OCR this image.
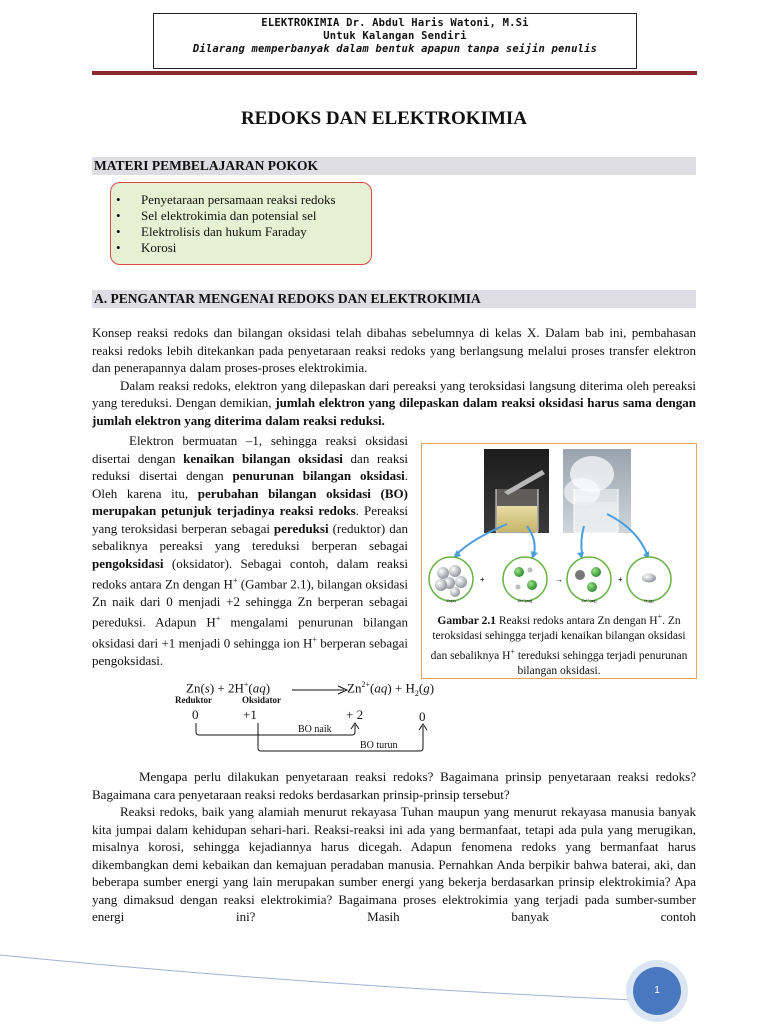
ELEKTROKIMIA Dr. Abdul Haris Watoni, M.Si
Untuk Kalangan Sendiri
Dilarang memperbanyak dalam bentuk apapun tanpa seijin penulis
REDOKS DAN ELEKTROKIMIA
MATERI PEMBELAJARAN POKOK
• Penyetaraan persamaan reaksi redoks
• Sel elektrokimia dan potensial sel
• Elektrolisis dan hukum Faraday
• Korosi
A. PENGANTAR MENGENAI REDOKS DAN ELEKTROKIMIA

Konsep reaksi redoks dan bilangan oksidasi telah dibahas sebelumnya di kelas X. Dalam bab ini, pembahasan reaksi redoks lebih ditekankan pada penyetaraan reaksi redoks yang berlangsung melalui proses transfer elektron dan penerapannya dalam proses-proses elektrokimia.

Dalam reaksi redoks, elektron yang dilepaskan dari pereaksi yang teroksidasi langsung diterima oleh pereaksi yang tereduksi. Dengan demikian, jumlah elektron yang dilepaskan dalam reaksi oksidasi harus sama dengan jumlah elektron yang diterima dalam reaksi reduksi.

Elektron bermuatan –1, sehingga reaksi oksidasi disertai dengan kenaikan bilangan oksidasi dan reaksi reduksi disertai dengan penurunan bilangan oksidasi. Oleh karena itu, perubahan bilangan oksidasi (BO) merupakan petunjuk terjadinya reaksi redoks. Pereaksi yang teroksidasi berperan sebagai pereduksi (reduktor) dan sebaliknya pereaksi yang tereduksi berperan sebagai pengoksidasi (oksidator). Sebagai contoh, dalam reaksi redoks antara Zn dengan H+ (Gambar 2.1), bilangan oksidasi Zn naik dari 0 menjadi +2 sehingga Zn berperan sebagai pereduksi. Adapun H+ mengalami penurunan bilangan oksidasi dari +1 menjadi 0 sehingga ion H+ berperan sebagai pengoksidasi.

Zn(s)
+
2H⁺(aq)
→
Zn²⁺(aq)
+
H₂(g)
Gambar 2.1 Reaksi redoks antara Zn dengan H+. Zn teroksidasi sehingga terjadi kenaikan bilangan oksidasi dan sebaliknya H+ tereduksi sehingga terjadi penurunan bilangan oksidasi.
$Zn(s) + 2H^+(aq) \to Zn^{2+}(aq) + H_2(g)$
Reduktor	Oksidator
0	+1	+ 2	0
BO naik
BO turun

Mengapa perlu dilakukan penyetaraan reaksi redoks? Bagaimana prinsip penyetaraan reaksi redoks? Bagaimana cara penyetaraan reaksi redoks berdasarkan prinsip-prinsip tersebut?

Reaksi redoks, baik yang alamiah menurut rekayasa Tuhan maupun yang menurut rekayasa manusia banyak kita jumpai dalam kehidupan sehari-hari. Reaksi-reaksi ini ada yang bermanfaat, tetapi ada pula yang merugikan, misalnya korosi, sehingga kejadiannya harus dicegah. Adapun fenomena redoks yang bermanfaat harus dikembangkan demi kebaikan dan kemajuan peradaban manusia. Pernahkan Anda berpikir bahwa baterai, aki, dan beberapa sumber energi yang lain merupakan sumber energi yang bekerja berdasarkan prinsip elektrokimia? Apa yang dimaksud dengan reaksi elektrokimia? Bagaimana proses elektrokimia yang terjadi pada sumber-sumber energi ini? Masih banyak contoh

1
